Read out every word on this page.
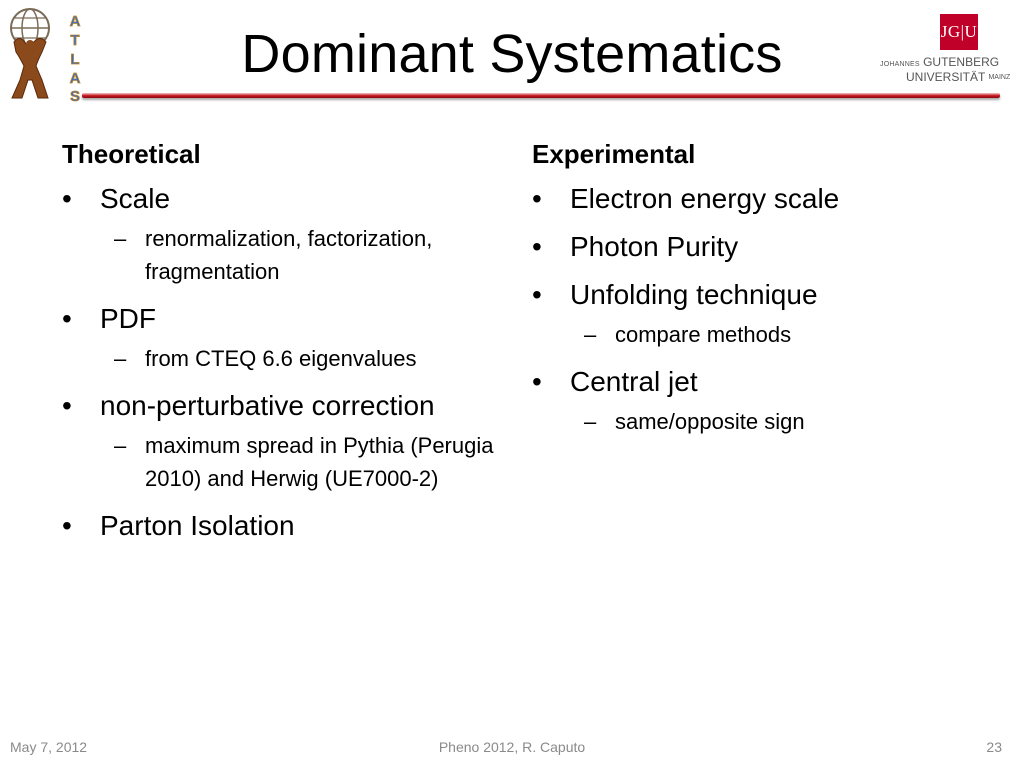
A
T
L
A
S
Dominant Systematics	JG|U
JOHANNES GUTENBERG
UNIVERSITÄT $^{MAINZ}$
Theoretical
• Scale
– renormalization, factorization, fragmentation
• PDF
– from CTEQ 6.6 eigenvalues
• non-perturbative correction
– maximum spread in Pythia (Perugia 2010) and Herwig (UE7000-2)
• Parton Isolation
Experimental
• Electron energy scale
• Photon Purity
• Unfolding technique
– compare methods
• Central jet
– same/opposite sign
May 7, 2012	Pheno 2012, R. Caputo	23
